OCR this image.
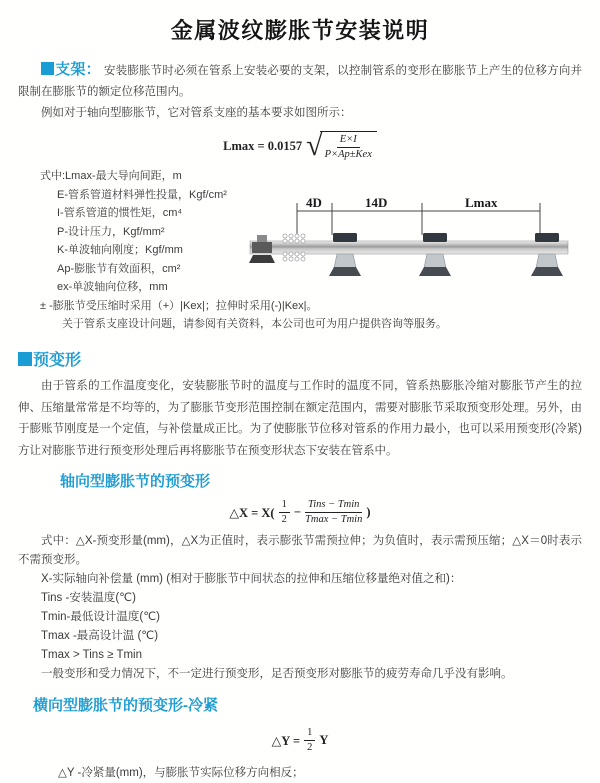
金属波纹膨胀节安装说明

支架： 安装膨胀节时必须在管系上安装必要的支架，以控制管系的变形在膨胀节上产生的位移方向并限制在膨胀节的额定位移范围内。

例如对于轴向型膨胀节，它对管系支座的基本要求如图所示：

Lmax = 0.0157 √ $\frac{E\times I}{\text{P×Ap±Kex}}$
式中:Lmax-最大导向间距，m
E-管系管道材料弹性投量，Kgf/cm²
I-管系管道的惯性矩，cm⁴
P-设计压力，Kgf/mm²
K-单波轴向刚度；Kgf/mm
Ap-膨胀节有效面积，cm²
ex-单波轴向位移，mm
± -膨胀节受压缩时采用（+）|Kex|；拉伸时采用(-)|Kex|。
关于管系支座设计问题，请参阅有关资料，本公司也可为用户提供咨询等服务。
4D	14D	Lmax
预变形

由于管系的工作温度变化，安装膨胀节时的温度与工作时的温度不同，管系热膨胀冷缩对膨胀节产生的拉伸、压缩量常常是不均等的，为了膨胀节变形范围控制在额定范围内，需要对膨胀节采取预变形处理。另外，由于膨账节刚度是一个定值，与补偿量成正比。为了使膨胀节位移对管系的作用力最小，也可以采用预变形(冷紧)方让对膨胀节进行预变形处理后再将膨胀节在预变形状态下安装在管系中。

轴向型膨胀节的预变形
△X = $X( \frac{1}{2} - \frac{\text{Tins − Tmin}}{Tmax - Tmin}$ )
式中：△X-预变形量(mm)，△X为正值时，表示膨张节需预拉伸；为负值时，表示需预压缩；△X＝0时表示不需预变形。
X-实际轴向补偿量 (mm) (相对于膨胀节中间状态的拉伸和压缩位移量绝对值之和)：
Tins -安装温度(℃)
Tmin-最低设计温度(℃)
Tmax -最高设计温 (℃)
Tmax > Tins ≥ Tmin
一般变形和受力情况下，不一定进行预变形，足否预变形对膨胀节的疲劳寿命几乎没有影响。
横向型膨胀节的预变形-冷紧
△Y = $\frac{1}{2}$ Y
△Y -冷紧量(mm)，与膨胀节实际位移方向相反；
